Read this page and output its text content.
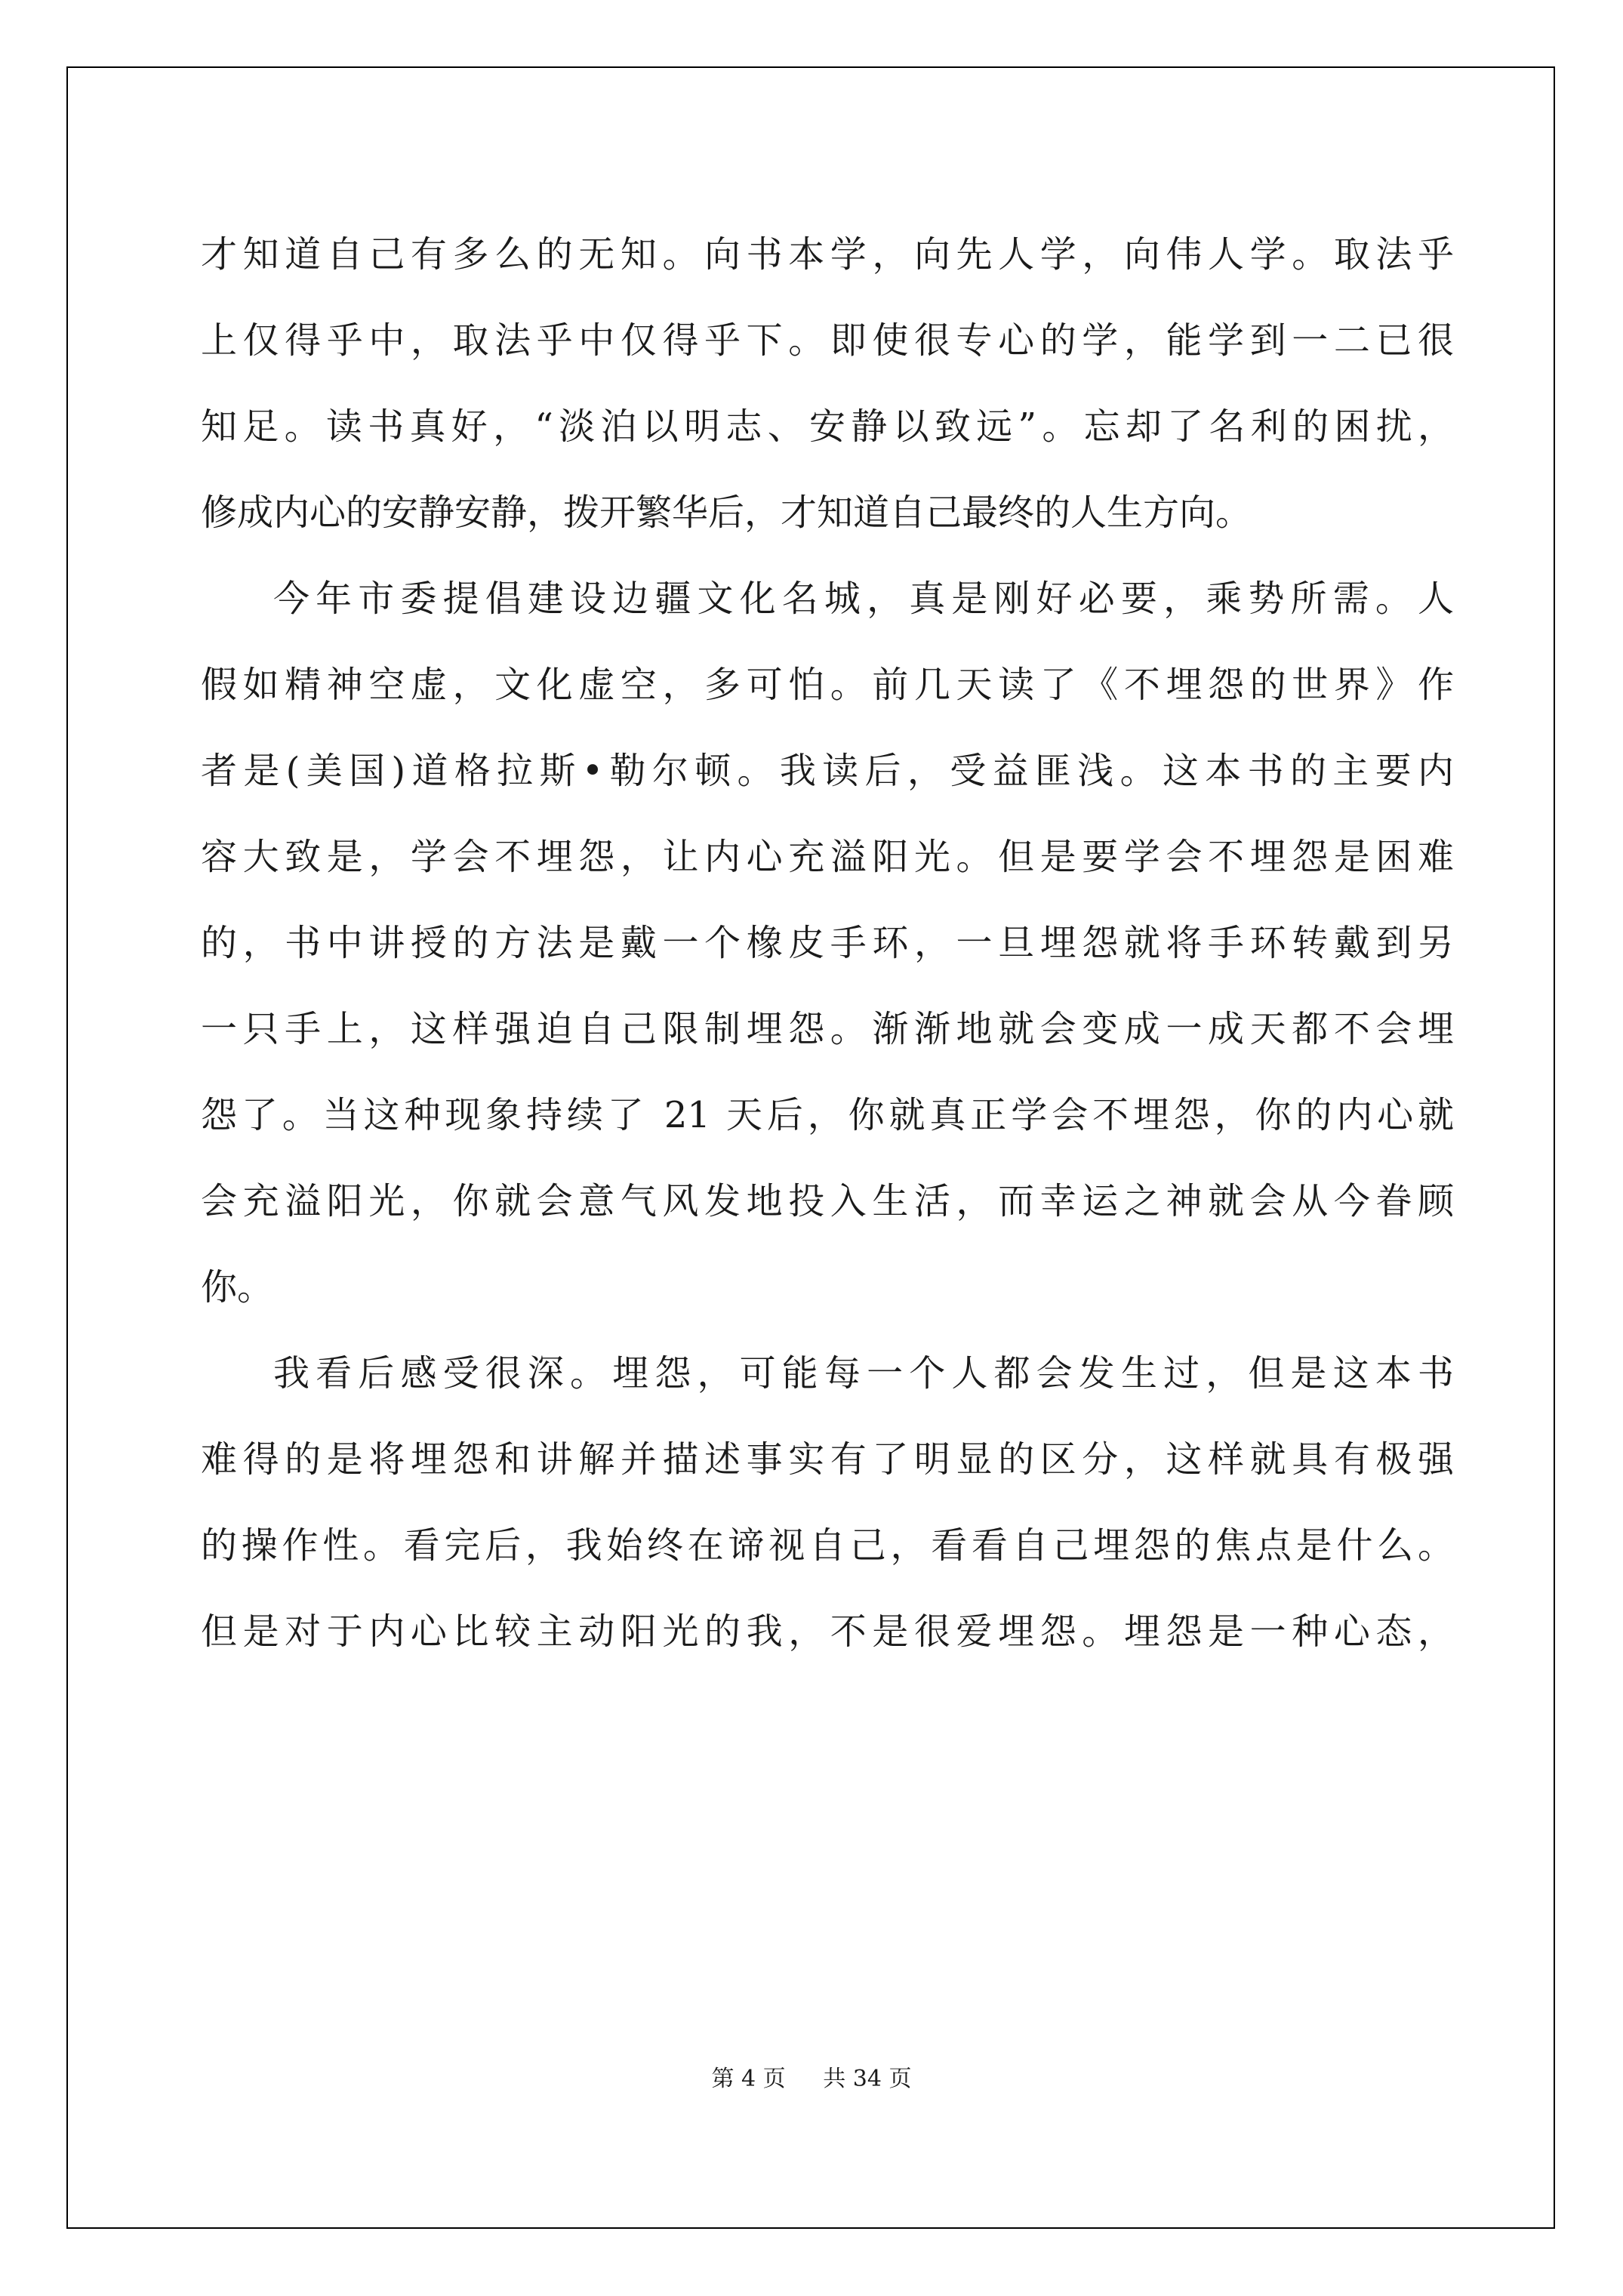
才知道自己有多么的无知。向书本学，向先人学，向伟人学。取法乎
上仅得乎中，取法乎中仅得乎下。即使很专心的学，能学到一二已很
知足。读书真好，“淡泊以明志、安静以致远”。忘却了名利的困扰，
修成内心的安静安静，拨开繁华后，才知道自己最终的人生方向。
今年市委提倡建设边疆文化名城，真是刚好必要，乘势所需。人
假如精神空虚，文化虚空，多可怕。前几天读了《不埋怨的世界》作
者是(美国)道格拉斯•勒尔顿。我读后，受益匪浅。这本书的主要内
容大致是，学会不埋怨，让内心充溢阳光。但是要学会不埋怨是困难
的，书中讲授的方法是戴一个橡皮手环，一旦埋怨就将手环转戴到另
一只手上，这样强迫自己限制埋怨。渐渐地就会变成一成天都不会埋
怨了。当这种现象持续了 21 天后，你就真正学会不埋怨，你的内心就
会充溢阳光，你就会意气风发地投入生活，而幸运之神就会从今眷顾
你。
我看后感受很深。埋怨，可能每一个人都会发生过，但是这本书
难得的是将埋怨和讲解并描述事实有了明显的区分，这样就具有极强
的操作性。看完后，我始终在谛视自己，看看自己埋怨的焦点是什么。
但是对于内心比较主动阳光的我，不是很爱埋怨。埋怨是一种心态，
第 4 页 共 34 页
